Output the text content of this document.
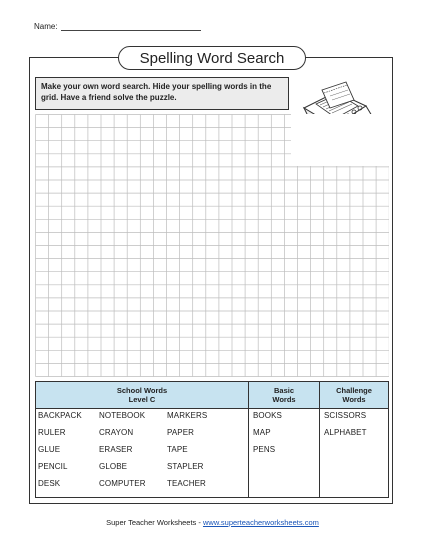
Name:
Spelling Word Search
Make your own word search. Hide your spelling words in the grid. Have a friend solve the puzzle.
School Words
Level C
Basic
Words
Challenge
Words
BACKPACK
RULER
GLUE
PENCIL
DESK
NOTEBOOK
CRAYON
ERASER
GLOBE
COMPUTER
MARKERS
PAPER
TAPE
STAPLER
TEACHER
BOOKS
MAP
PENS
SCISSORS
ALPHABET
Super Teacher Worksheets - www.superteacherworksheets.com
